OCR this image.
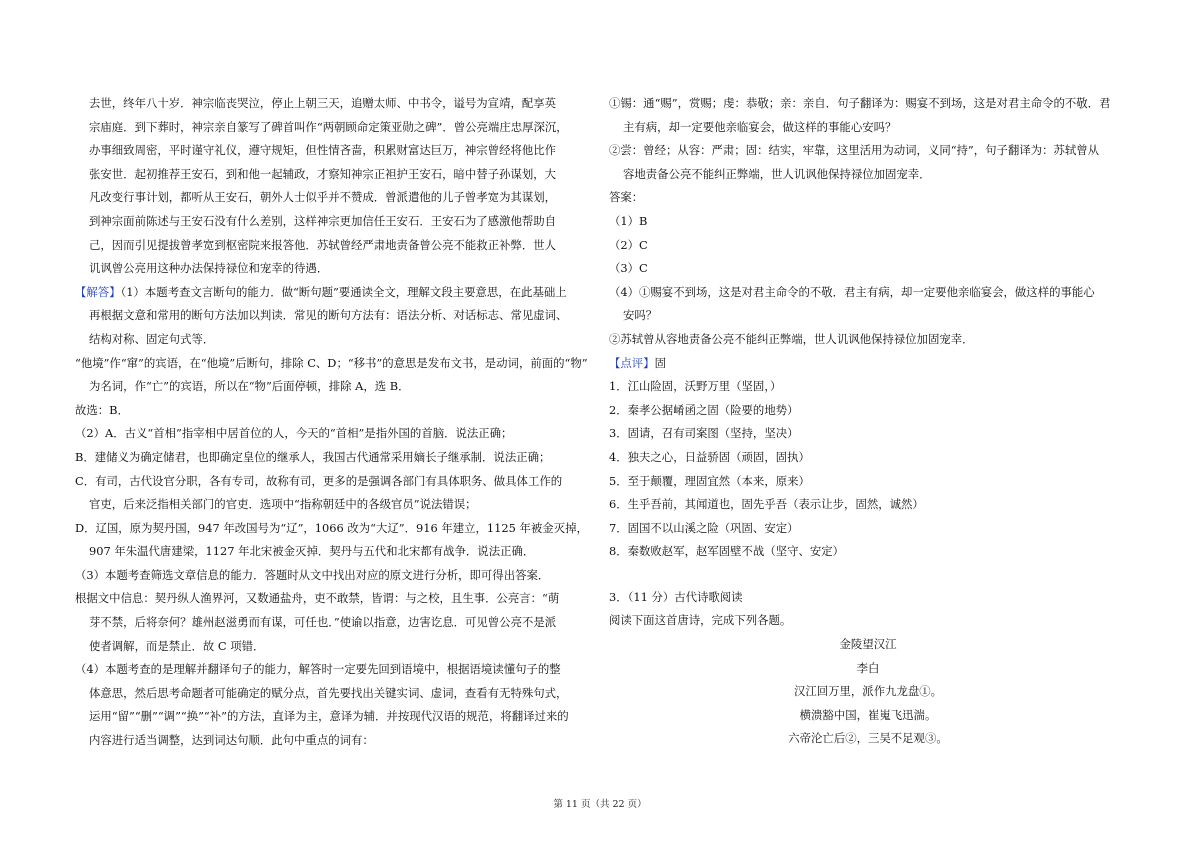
去世，终年八十岁．神宗临丧哭泣，停止上朝三天，追赠太师、中书令，谥号为宣靖，配享英

宗庙庭．到下葬时，神宗亲自篆写了碑首叫作“两朝顾命定策亚勋之碑”．曾公亮端庄忠厚深沉，

办事细致周密，平时谨守礼仪，遵守规矩，但性情吝啬，积累财富达巨万，神宗曾经将他比作

张安世．起初推荐王安石，到和他一起辅政，才察知神宗正袒护王安石，暗中替子孙谋划，大

凡改变行事计划，都听从王安石，朝外人士似乎并不赞成．曾派遣他的儿子曾孝宽为其谋划，

到神宗面前陈述与王安石没有什么差别，这样神宗更加信任王安石．王安石为了感激他帮助自

己，因而引见提拔曾孝宽到枢密院来报答他．苏轼曾经严肃地责备曾公亮不能救正补弊．世人

讥讽曾公亮用这种办法保持禄位和宠幸的待遇．

【解答】（1）本题考查文言断句的能力．做“断句题”要通读全文，理解文段主要意思，在此基础上

再根据文意和常用的断句方法加以判读．常见的断句方法有：语法分析、对话标志、常见虚词、

结构对称、固定句式等．

“他境”作“窜”的宾语，在“他境”后断句，排除 C、D；“移书”的意思是发布文书，是动词，前面的“物”

为名词，作“亡”的宾语，所以在“物”后面停顿，排除 A，选 B．

故选：B．

（2）A．古义“首相”指宰相中居首位的人，今天的“首相”是指外国的首脑．说法正确；

B．建储义为确定储君，也即确定皇位的继承人，我国古代通常采用嫡长子继承制．说法正确；

C．有司，古代设官分职，各有专司，故称有司，更多的是强调各部门有具体职务、做具体工作的

官吏，后来泛指相关部门的官吏．选项中“指称朝廷中的各级官员”说法错误；

D．辽国，原为契丹国，947 年改国号为“辽”，1066 改为“大辽”．916 年建立，1125 年被金灭掉，

907 年朱温代唐建梁，1127 年北宋被金灭掉．契丹与五代和北宋都有战争．说法正确．

（3）本题考查筛选文章信息的能力．答题时从文中找出对应的原文进行分析，即可得出答案．

根据文中信息：契丹纵人渔界河，又数通盐舟，吏不敢禁，皆谓：与之校，且生事．公亮言：“萌

芽不禁，后将奈何？雄州赵滋勇而有谋，可任也．”使谕以指意，边害讫息．可见曾公亮不是派

使者调解，而是禁止．故 C 项错．

（4）本题考查的是理解并翻译句子的能力，解答时一定要先回到语境中，根据语境读懂句子的整

体意思，然后思考命题者可能确定的赋分点，首先要找出关键实词、虚词，查看有无特殊句式，

运用“留”“删”“调”“换”“补”的方法，直译为主，意译为辅．并按现代汉语的规范，将翻译过来的

内容进行适当调整，达到词达句顺．此句中重点的词有：

①锡：通“赐”，赏赐；虔：恭敬；亲：亲自．句子翻译为：赐宴不到场，这是对君主命令的不敬．君

主有病，却一定要他亲临宴会，做这样的事能心安吗？

②尝：曾经；从容：严肃；固：结实，牢靠，这里活用为动词，义同“持”，句子翻译为：苏轼曾从

容地责备公亮不能纠正弊端，世人讥讽他保持禄位加固宠幸．

答案：

（1）B

（2）C

（3）C

（4）①赐宴不到场，这是对君主命令的不敬．君主有病，却一定要他亲临宴会，做这样的事能心

安吗？

②苏轼曾从容地责备公亮不能纠正弊端，世人讥讽他保持禄位加固宠幸．

【点评】固

1．江山险固，沃野万里（坚固，）

2．秦孝公据崤函之固（险要的地势）

3．固请，召有司案图（坚持，坚决）

4．独夫之心，日益骄固（顽固，固执）

5．至于颠覆，理固宜然（本来，原来）

6．生乎吾前，其闻道也，固先乎吾（表示让步，固然，诚然）

7．固国不以山溪之险（巩固、安定）

8．秦数败赵军，赵军固壁不战（坚守、安定）

3．（11 分）古代诗歌阅读

阅读下面这首唐诗，完成下列各题。

金陵望汉江

李白

汉江回万里，派作九龙盘①。

横溃豁中国，崔嵬飞迅湍。

六帝沦亡后②，三吴不足观③。

第 11 页（共 22 页）
